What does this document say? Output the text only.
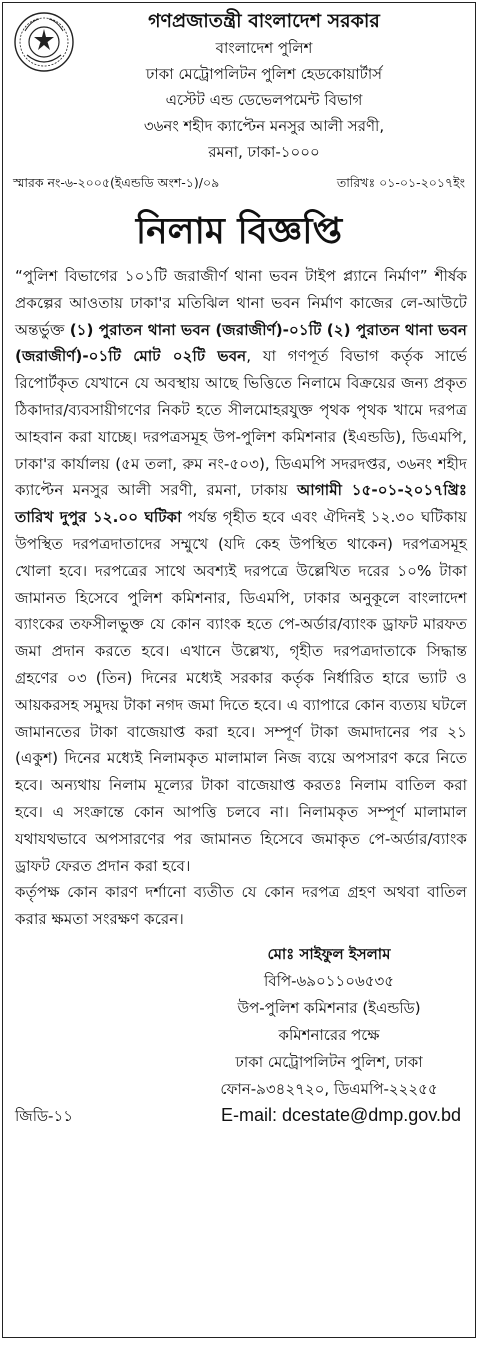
গণপ্রজাতন্ত্রী বাংলাদেশ সরকার
বাংলাদেশ পুলিশ
ঢাকা মেট্রোপলিটন পুলিশ হেডকোয়ার্টার্স
এস্টেট এন্ড ডেভেলপমেন্ট বিভাগ
৩৬নং শহীদ ক্যাপ্টেন মনসুর আলী সরণী,
রমনা, ঢাকা-১০০০
স্মারক নং-৬-২০০৫(ইএন্ডডি অংশ-১)/০৯	তারিখঃ ০১-০১-২০১৭ইং
নিলাম বিজ্ঞপ্তি

“পুলিশ বিভাগের ১০১টি জরাজীর্ণ থানা ভবন টাইপ প্ল্যানে নির্মাণ” শীর্ষক প্রকল্পের আওতায় ঢাকা'র মতিঝিল থানা ভবন নির্মাণ কাজের লে-আউটে অন্তর্ভুক্ত (১) পুরাতন থানা ভবন (জরাজীর্ণ)-০১টি (২) পুরাতন থানা ভবন (জরাজীর্ণ)-০১টি মোট ০২টি ভবন, যা গণপূর্ত বিভাগ কর্তৃক সার্ভে রিপোর্টকৃত যেখানে যে অবস্থায় আছে ভিত্তিতে নিলামে বিক্রয়ের জন্য প্রকৃত ঠিকাদার/ব্যবসায়ীগণের নিকট হতে সীলমোহরযুক্ত পৃথক পৃথক খামে দরপত্র আহবান করা যাচ্ছে। দরপত্রসমূহ উপ-পুলিশ কমিশনার (ইএন্ডডি), ডিএমপি, ঢাকা'র কার্যালয় (৫ম তলা, রুম নং-৫০৩), ডিএমপি সদরদপ্তর, ৩৬নং শহীদ ক্যাপ্টেন মনসুর আলী সরণী, রমনা, ঢাকায় আগামী ১৫-০১-২০১৭খ্রিঃ তারিখ দুপুর ১২.০০ ঘটিকা পর্যন্ত গৃহীত হবে এবং ঐদিনই ১২.৩০ ঘটিকায় উপস্থিত দরপত্রদাতাদের সম্মুখে (যদি কেহ উপস্থিত থাকেন) দরপত্রসমূহ খোলা হবে। দরপত্রের সাথে অবশ্যই দরপত্রে উল্লেখিত দরের ১০% টাকা জামানত হিসেবে পুলিশ কমিশনার, ডিএমপি, ঢাকার অনুকূলে বাংলাদেশ ব্যাংকের তফসীলভুক্ত যে কোন ব্যাংক হতে পে-অর্ডার/ব্যাংক ড্রাফট মারফত জমা প্রদান করতে হবে। এখানে উল্লেখ্য, গৃহীত দরপত্রদাতাকে সিদ্ধান্ত গ্রহণের ০৩ (তিন) দিনের মধ্যেই সরকার কর্তৃক নির্ধারিত হারে ভ্যাট ও আয়করসহ সমুদয় টাকা নগদ জমা দিতে হবে। এ ব্যাপারে কোন ব্যত্যয় ঘটলে জামানতের টাকা বাজেয়াপ্ত করা হবে। সম্পূর্ণ টাকা জমাদানের পর ২১ (একুশ) দিনের মধ্যেই নিলামকৃত মালামাল নিজ ব্যয়ে অপসারণ করে নিতে হবে। অন্যথায় নিলাম মূল্যের টাকা বাজেয়াপ্ত করতঃ নিলাম বাতিল করা হবে। এ সংক্রান্তে কোন আপত্তি চলবে না। নিলামকৃত সম্পূর্ণ মালামাল যথাযথভাবে অপসারণের পর জামানত হিসেবে জমাকৃত পে-অর্ডার/ব্যাংক ড্রাফট ফেরত প্রদান করা হবে।

কর্তৃপক্ষ কোন কারণ দর্শানো ব্যতীত যে কোন দরপত্র গ্রহণ অথবা বাতিল করার ক্ষমতা সংরক্ষণ করেন।

মোঃ সাইফুল ইসলাম
বিপি-৬৯০১১০৬৫৩৫
উপ-পুলিশ কমিশনার (ইএন্ডডি)
কমিশনারের পক্ষে
ঢাকা মেট্রোপলিটন পুলিশ, ঢাকা
ফোন-৯৩৪২৭২০, ডিএমপি-২২২৫৫
জিডি-১১	E-mail: dcestate@dmp.gov.bd
